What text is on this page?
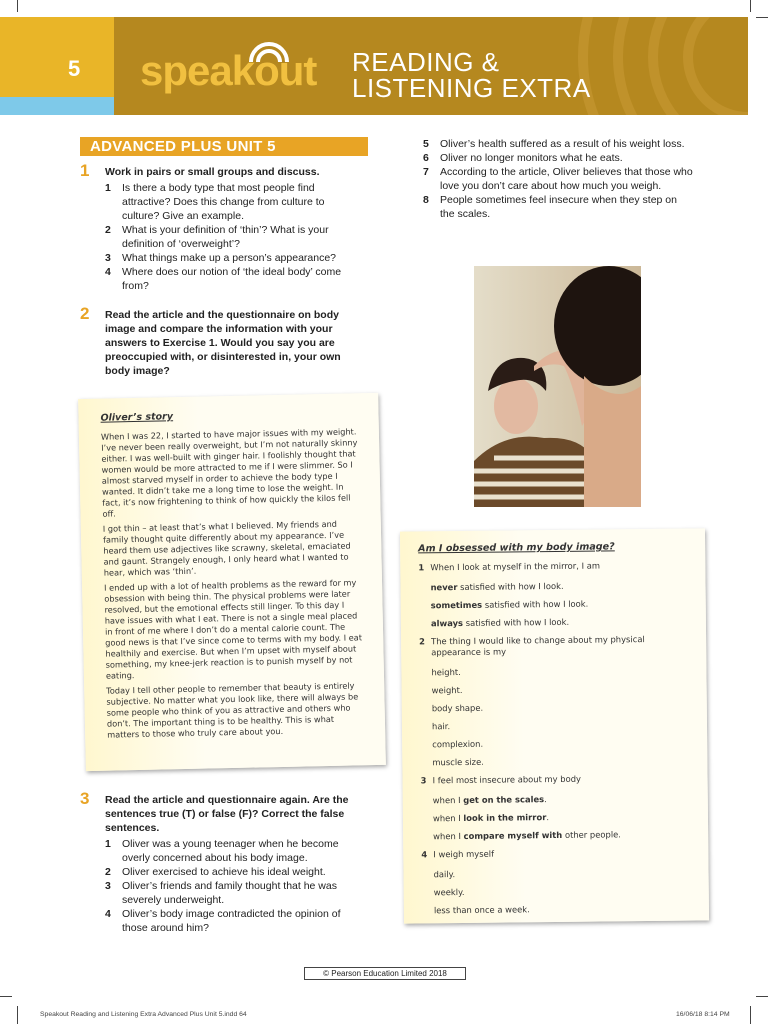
5	speakout READING &
LISTENING EXTRA
ADVANCED PLUS UNIT 5
1 Work in pairs or small groups and discuss.
1 Is there a body type that most people find attractive? Does this change from culture to culture? Give an example.
2 What is your definition of ‘thin’? What is your definition of ‘overweight’?
3 What things make up a person’s appearance?
4 Where does our notion of ‘the ideal body’ come from?
2 Read the article and the questionnaire on body image and compare the information with your answers to Exercise 1. Would you say you are preoccupied with, or disinterested in, your own body image?
Oliver’s story

When I was 22, I started to have major issues with my weight. I’ve never been really overweight, but I’m not naturally skinny either. I was well-built with ginger hair. I foolishly thought that women would be more attracted to me if I were slimmer. So I almost starved myself in order to achieve the body type I wanted. It didn’t take me a long time to lose the weight. In fact, it’s now frightening to think of how quickly the kilos fell off.

I got thin – at least that’s what I believed. My friends and family thought quite differently about my appearance. I’ve heard them use adjectives like scrawny, skeletal, emaciated and gaunt. Strangely enough, I only heard what I wanted to hear, which was ‘thin’.

I ended up with a lot of health problems as the reward for my obsession with being thin. The physical problems were later resolved, but the emotional effects still linger. To this day I have issues with what I eat. There is not a single meal placed in front of me where I don’t do a mental calorie count. The good news is that I’ve since come to terms with my body. I eat healthily and exercise. But when I’m upset with myself about something, my knee-jerk reaction is to punish myself by not eating.

Today I tell other people to remember that beauty is entirely subjective. No matter what you look like, there will always be some people who think of you as attractive and others who don’t. The important thing is to be healthy. This is what matters to those who truly care about you.

3 Read the article and questionnaire again. Are the sentences true (T) or false (F)? Correct the false sentences.
1 Oliver was a young teenager when he become overly concerned about his body image.
2 Oliver exercised to achieve his ideal weight.
3 Oliver’s friends and family thought that he was severely underweight.
4 Oliver’s body image contradicted the opinion of those around him?
5 Oliver’s health suffered as a result of his weight loss.
6 Oliver no longer monitors what he eats.
7 According to the article, Oliver believes that those who love you don’t care about how much you weigh.
8 People sometimes feel insecure when they step on the scales.
Am I obsessed with my body image?
1 When I look at myself in the mirror, I am
never satisfied with how I look.
sometimes satisfied with how I look.
always satisfied with how I look.
2 The thing I would like to change about my physical appearance is my
height.
weight.
body shape.
hair.
complexion.
muscle size.
3 I feel most insecure about my body
when I get on the scales.
when I look in the mirror.
when I compare myself with other people.
4 I weigh myself
daily.
weekly.
less than once a week.
© Pearson Education Limited 2018
Speakout Reading and Listening Extra Advanced Plus Unit 5.indd 64	16/06/18 8:14 PM
